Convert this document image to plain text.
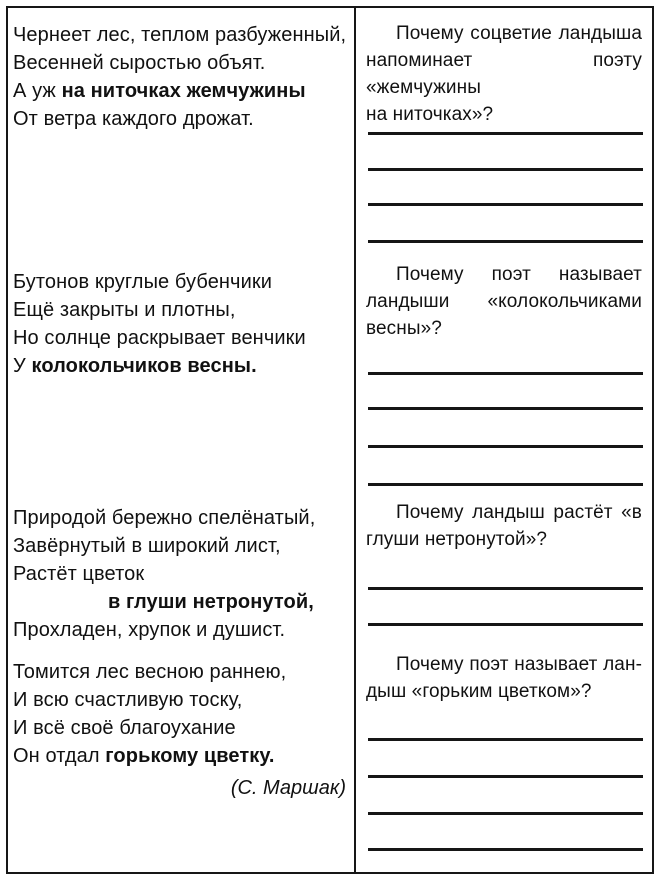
Чернеет лес, теплом разбуженный,
Весенней сыростью объят.
А уж на ниточках жемчужины
От ветра каждого дрожат.
Бутонов круглые бубенчики
Ещё закрыты и плотны,
Но солнце раскрывает венчики
У колокольчиков весны.
Природой бережно спелёнатый,
Завёрнутый в широкий лист,
Растёт цветок
в глуши нетронутой,
Прохладен, хрупок и душист.
Томится лес весною раннею,
И всю счастливую тоску,
И всё своё благоухание
Он отдал горькому цветку.
(С. Маршак)
Почему соцветие ландыша
напоминает поэту «жемчужины
на ниточках»?
Почему поэт называет
ландыши «колокольчиками
весны»?
Почему ландыш растёт «в
глуши нетронутой»?
Почему поэт называет лан-
дыш «горьким цветком»?
